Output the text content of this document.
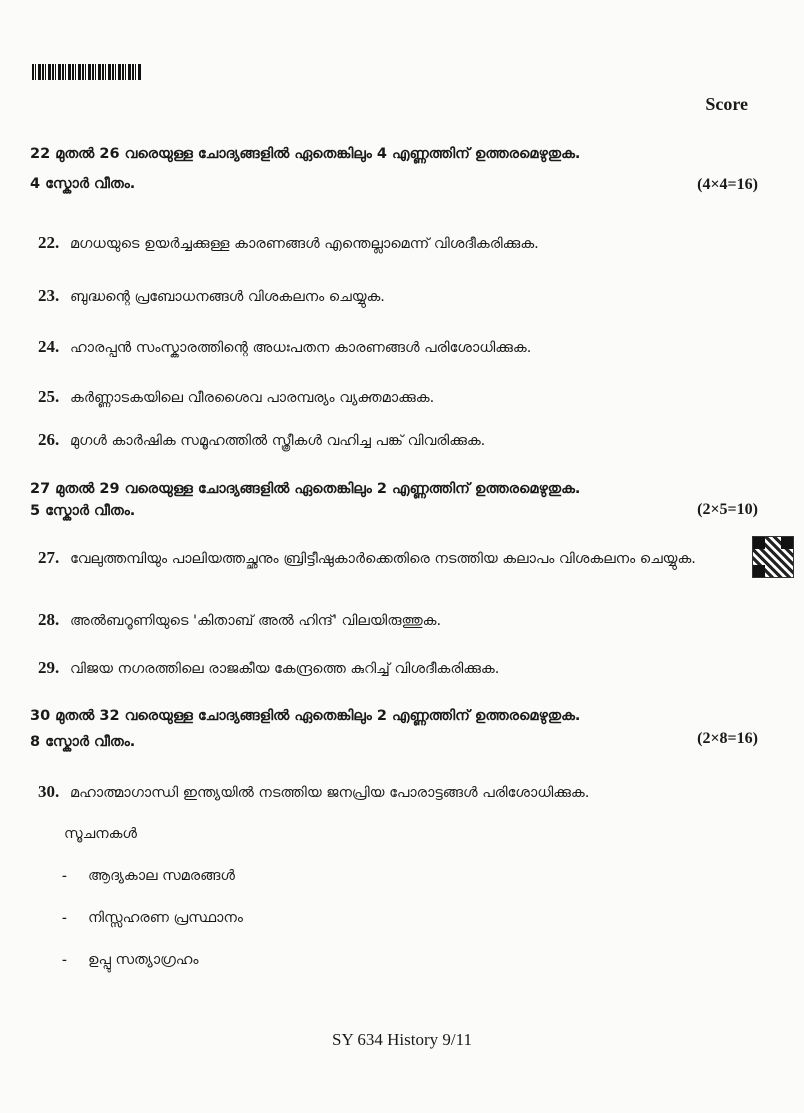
Score
22 മുതൽ 26 വരെയുള്ള ചോദ്യങ്ങളിൽ ഏതെങ്കിലും 4 എണ്ണത്തിന് ഉത്തരമെഴുതുക.
4 സ്കോർ വീതം.	(4×4=16)
22. മഗധയുടെ ഉയർച്ചക്കുള്ള കാരണങ്ങൾ എന്തെല്ലാമെന്ന് വിശദീകരിക്കുക.
23. ബുദ്ധന്റെ പ്രബോധനങ്ങൾ വിശകലനം ചെയ്യുക.
24. ഹാരപ്പൻ സംസ്കാരത്തിന്റെ അധഃപതന കാരണങ്ങൾ പരിശോധിക്കുക.
25. കർണ്ണാടകയിലെ വീരശൈവ പാരമ്പര്യം വ്യക്തമാക്കുക.
26. മുഗൾ കാർഷിക സമൂഹത്തിൽ സ്ത്രീകൾ വഹിച്ച പങ്ക് വിവരിക്കുക.
27 മുതൽ 29 വരെയുള്ള ചോദ്യങ്ങളിൽ ഏതെങ്കിലും 2 എണ്ണത്തിന് ഉത്തരമെഴുതുക.
5 സ്കോർ വീതം.	(2×5=10)
27. വേലുത്തമ്പിയും പാലിയത്തച്ഛനും ബ്രിട്ടീഷുകാർക്കെതിരെ നടത്തിയ കലാപം വിശകലനം ചെയ്യുക.
28. അൽബറൂണിയുടെ 'കിതാബ് അൽ ഹിന്ദ്' വിലയിരുത്തുക.
29. വിജയ നഗരത്തിലെ രാജകീയ കേന്ദ്രത്തെ കുറിച്ച് വിശദീകരിക്കുക.
30 മുതൽ 32 വരെയുള്ള ചോദ്യങ്ങളിൽ ഏതെങ്കിലും 2 എണ്ണത്തിന് ഉത്തരമെഴുതുക.
8 സ്കോർ വീതം.	(2×8=16)
30. മഹാത്മാഗാന്ധി ഇന്ത്യയിൽ നടത്തിയ ജനപ്രിയ പോരാട്ടങ്ങൾ പരിശോധിക്കുക.
സൂചനകൾ
- ആദ്യകാല സമരങ്ങൾ
- നിസ്സഹരണ പ്രസ്ഥാനം
- ഉപ്പു സത്യാഗ്രഹം
SY 634 History 9/11
